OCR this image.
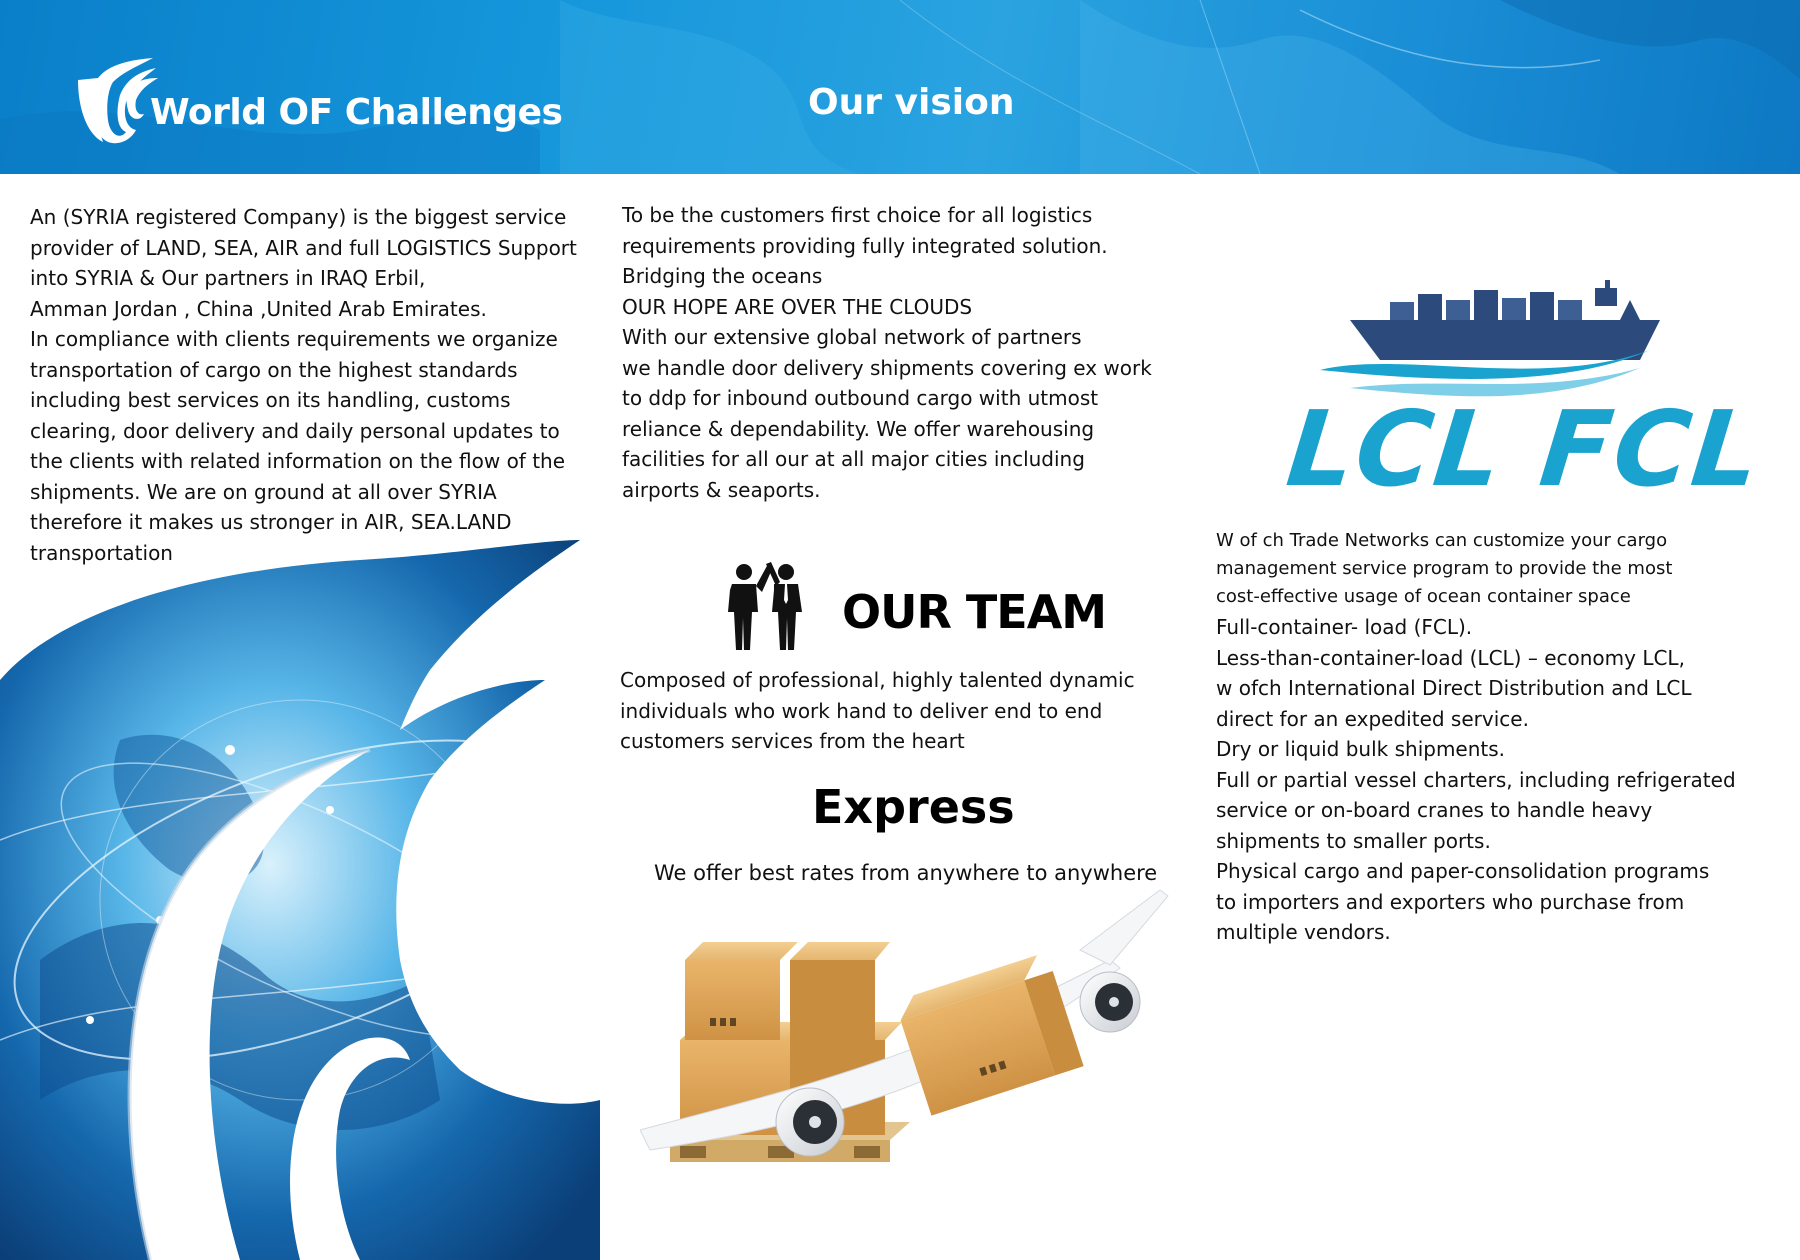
World OF Challenges	Our vision
An (SYRIA registered Company) is the biggest service
provider of LAND, SEA, AIR and full LOGISTICS Support
into SYRIA & Our partners in IRAQ Erbil,
Amman Jordan , China ,United Arab Emirates.
In compliance with clients requirements we organize
transportation of cargo on the highest standards
including best services on its handling, customs
clearing, door delivery and daily personal updates to
the clients with related information on the flow of the
shipments. We are on ground at all over SYRIA
therefore it makes us stronger in AIR, SEA.LAND
transportation
To be the customers first choice for all logistics
requirements providing fully integrated solution.
Bridging the oceans
OUR HOPE ARE OVER THE CLOUDS
With our extensive global network of partners
we handle door delivery shipments covering ex work
to ddp for inbound outbound cargo with utmost
reliance & dependability. We offer warehousing
facilities for all our at all major cities including
airports & seaports.
OUR TEAM
Composed of professional, highly talented dynamic
individuals who work hand to deliver end to end
customers services from the heart
Express
We offer best rates from anywhere to anywhere
LCL FCL
W of ch Trade Networks can customize your cargo
management service program to provide the most
cost-effective usage of ocean container space
Full-container- load (FCL).
Less-than-container-load (LCL) – economy LCL,
w ofch International Direct Distribution and LCL
direct for an expedited service.
Dry or liquid bulk shipments.
Full or partial vessel charters, including refrigerated
service or on-board cranes to handle heavy
shipments to smaller ports.
Physical cargo and paper-consolidation programs
to importers and exporters who purchase from
multiple vendors.
